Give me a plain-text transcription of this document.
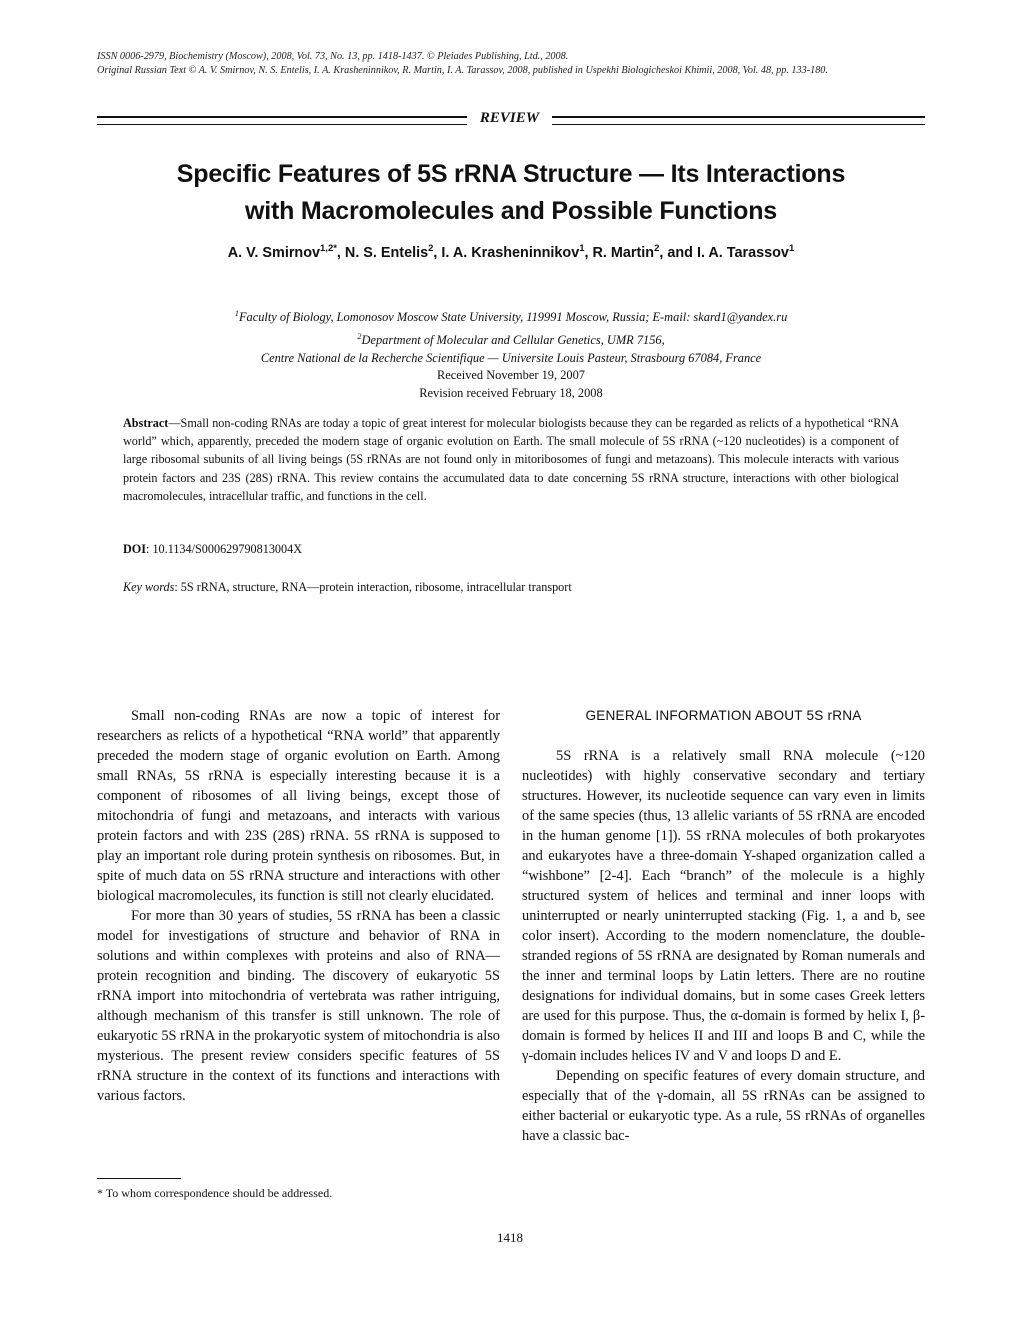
ISSN 0006-2979, Biochemistry (Moscow), 2008, Vol. 73, No. 13, pp. 1418-1437. © Pleiades Publishing, Ltd., 2008.
Original Russian Text © A. V. Smirnov, N. S. Entelis, I. A. Krasheninnikov, R. Martin, I. A. Tarassov, 2008, published in Uspekhi Biologicheskoi Khimii, 2008, Vol. 48, pp. 133-180.
REVIEW
Specific Features of 5S rRNA Structure — Its Interactions
with Macromolecules and Possible Functions
A. V. Smirnov$^{1,2*}$, N. S. Entelis$^2$, I. A. Krasheninnikov$^1$, R. Martin$^2$, and I. A. Tarassov$^1$
$^1$Faculty of Biology, Lomonosov Moscow State University, 119991 Moscow, Russia; E-mail: skard1@yandex.ru
$^2$Department of Molecular and Cellular Genetics, UMR 7156,
Centre National de la Recherche Scientifique — Universite Louis Pasteur, Strasbourg 67084, France
Received November 19, 2007
Revision received February 18, 2008
Abstract—Small non-coding RNAs are today a topic of great interest for molecular biologists because they can be regarded as relicts of a hypothetical “RNA world” which, apparently, preceded the modern stage of organic evolution on Earth. The small molecule of 5S rRNA (~120 nucleotides) is a component of large ribosomal subunits of all living beings (5S rRNAs are not found only in mitoribosomes of fungi and metazoans). This molecule interacts with various protein factors and 23S (28S) rRNA. This review contains the accumulated data to date concerning 5S rRNA structure, interactions with other biological macromolecules, intracellular traffic, and functions in the cell.
DOI: 10.1134/S000629790813004X
Key words: 5S rRNA, structure, RNA—protein interaction, ribosome, intracellular transport

Small non-coding RNAs are now a topic of interest for researchers as relicts of a hypothetical “RNA world” that apparently preceded the modern stage of organic evolution on Earth. Among small RNAs, 5S rRNA is especially interesting because it is a component of ribosomes of all living beings, except those of mitochondria of fungi and metazoans, and interacts with various protein factors and with 23S (28S) rRNA. 5S rRNA is supposed to play an important role during protein synthesis on ribosomes. But, in spite of much data on 5S rRNA structure and interactions with other biological macromolecules, its function is still not clearly elucidated.

For more than 30 years of studies, 5S rRNA has been a classic model for investigations of structure and behavior of RNA in solutions and within complexes with proteins and also of RNA—protein recognition and binding. The discovery of eukaryotic 5S rRNA import into mitochondria of vertebrata was rather intriguing, although mechanism of this transfer is still unknown. The role of eukaryotic 5S rRNA in the prokaryotic system of mitochondria is also mysterious. The present review considers specific features of 5S rRNA structure in the context of its functions and interactions with various factors.

GENERAL INFORMATION ABOUT 5S rRNA

5S rRNA is a relatively small RNA molecule (~120 nucleotides) with highly conservative secondary and tertiary structures. However, its nucleotide sequence can vary even in limits of the same species (thus, 13 allelic variants of 5S rRNA are encoded in the human genome [1]). 5S rRNA molecules of both prokaryotes and eukaryotes have a three-domain Y-shaped organization called a “wishbone” [2-4]. Each “branch” of the molecule is a highly structured system of helices and terminal and inner loops with uninterrupted or nearly uninterrupted stacking (Fig. 1, a and b, see color insert). According to the modern nomenclature, the double-stranded regions of 5S rRNA are designated by Roman numerals and the inner and terminal loops by Latin letters. There are no routine designations for individual domains, but in some cases Greek letters are used for this purpose. Thus, the α-domain is formed by helix I, β-domain is formed by helices II and III and loops B and C, while the γ-domain includes helices IV and V and loops D and E.

Depending on specific features of every domain structure, and especially that of the γ-domain, all 5S rRNAs can be assigned to either bacterial or eukaryotic type. As a rule, 5S rRNAs of organelles have a classic bac-

* To whom correspondence should be addressed.
1418
